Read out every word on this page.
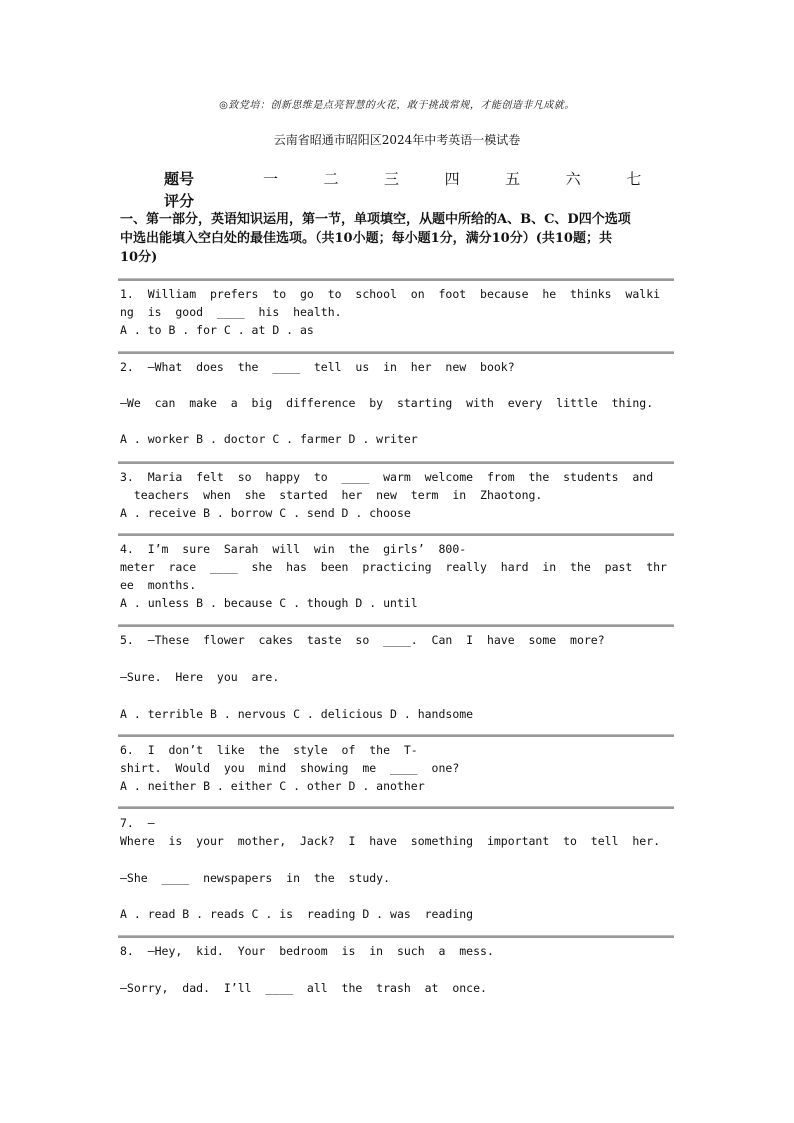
◎致党培：创新思维是点亮智慧的火花，敢于挑战常规，才能创造非凡成就。
云南省昭通市昭阳区2024年中考英语一模试卷
题号	一	二	三	四	五	六	七
评分
一、第一部分，英语知识运用，第一节，单项填空，从题中所给的A、B、C、D四个选项
中选出能填入空白处的最佳选项。（共10小题；每小题1分，满分10分）(共10题；共
10分)
1.  William  prefers  to  go  to  school  on  foot  because  he  thinks  walki
ng  is  good  ____  his  health.
A . to B . for C . at D . as
2.  —What  does  the  ____  tell  us  in  her  new  book?
—We  can  make  a  big  difference  by  starting  with  every  little  thing.
A . worker B . doctor C . farmer D . writer
3.  Maria  felt  so  happy  to  ____  warm  welcome  from  the  students  and
teachers  when  she  started  her  new  term  in  Zhaotong.
A . receive B . borrow C . send D . choose
4.  I’m  sure  Sarah  will  win  the  girls’  800-
meter  race  ____  she  has  been  practicing  really  hard  in  the  past  thr
ee  months.
A . unless B . because C . though D . until
5.  —These  flower  cakes  taste  so  ____.  Can  I  have  some  more?
—Sure.  Here  you  are.
A . terrible B . nervous C . delicious D . handsome
6.  I  don’t  like  the  style  of  the  T-
shirt.  Would  you  mind  showing  me  ____  one?
A . neither B . either C . other D . another
7.  —
Where  is  your  mother,  Jack?  I  have  something  important  to  tell  her.
—She  ____  newspapers  in  the  study.
A . read B . reads C . is  reading D . was  reading
8.  —Hey,  kid.  Your  bedroom  is  in  such  a  mess.
—Sorry,  dad.  I’ll  ____  all  the  trash  at  once.
